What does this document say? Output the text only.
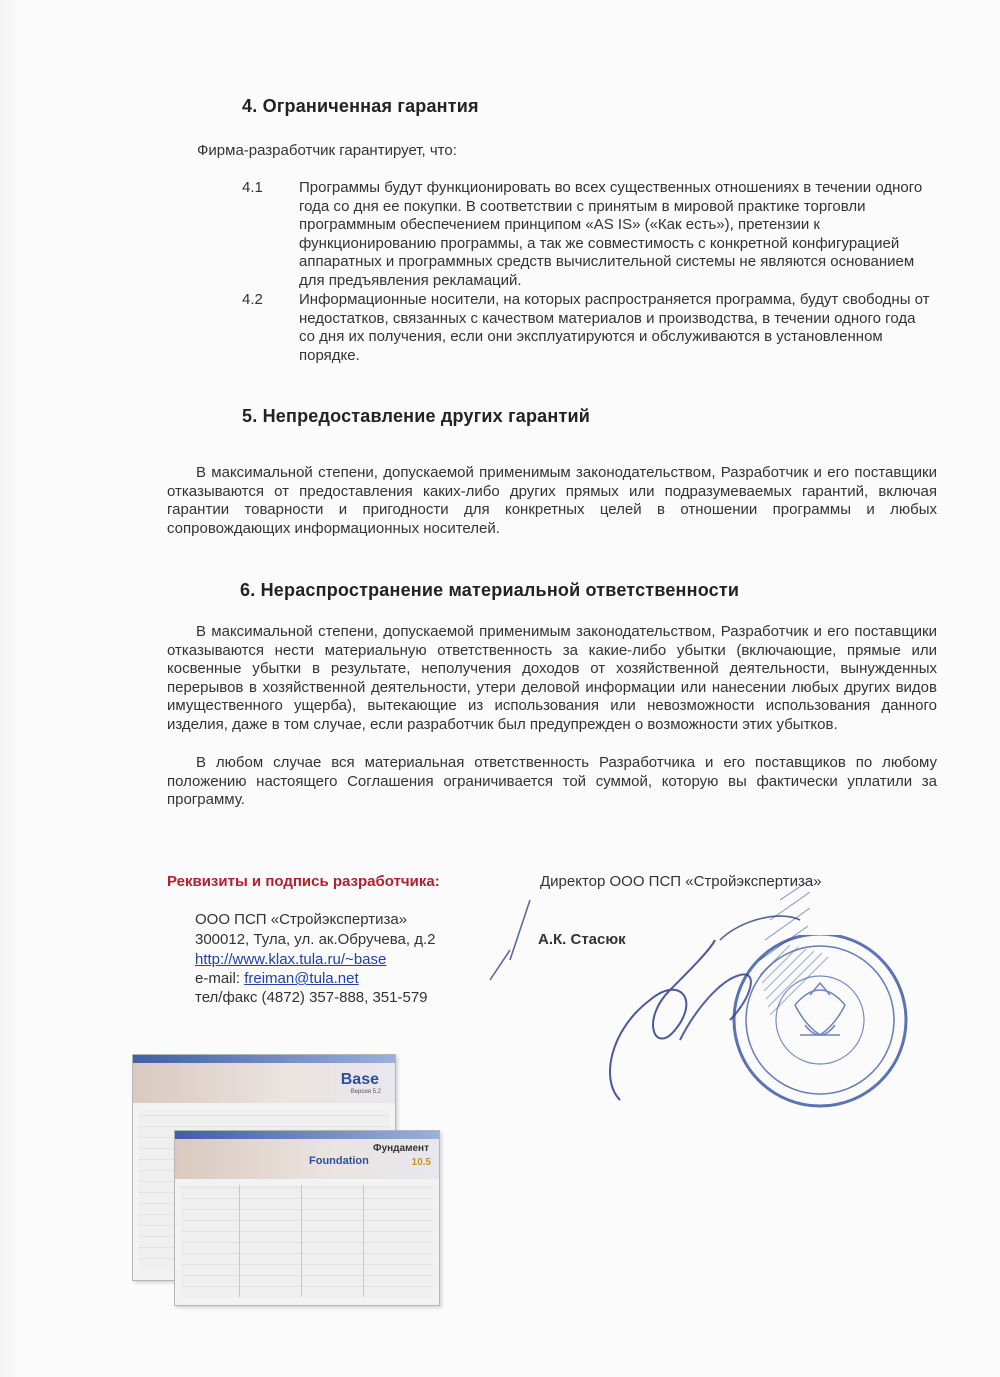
4. Ограниченная гарантия
Фирма-разработчик гарантирует, что:
4.1	Программы будут функционировать во всех существенных отношениях в течении одного года со дня ее покупки. В соответствии с принятым в мировой практике торговли программным обеспечением принципом «AS IS» («Как есть»), претензии к функционированию программы, а так же совместимость с конкретной конфигурацией аппаратных и программных средств вычислительной системы не являются основанием для предъявления рекламаций.
4.2	Информационные носители, на которых распространяется программа, будут свободны от недостатков, связанных с качеством материалов и производства, в течении одного года со дня их получения, если они эксплуатируются и обслуживаются в установленном порядке.
5. Непредоставление других гарантий
В максимальной степени, допускаемой применимым законодательством, Разработчик и его поставщики отказываются от предоставления каких-либо других прямых или подразумеваемых гарантий, включая гарантии товарности и пригодности для конкретных целей в отношении программы и любых сопровождающих информационных носителей.
6. Нераспространение материальной ответственности
В максимальной степени, допускаемой применимым законодательством, Разработчик и его поставщики отказываются нести материальную ответственность за какие-либо убытки (включающие, прямые или косвенные убытки в результате, неполучения доходов от хозяйственной деятельности, вынужденных перерывов в хозяйственной деятельности, утери деловой информации или нанесении любых других видов имущественного ущерба), вытекающие из использования или невозможности использования данного изделия, даже в том случае, если разработчик был предупрежден о возможности этих убытков.
В любом случае вся материальная ответственность Разработчика и его поставщиков по любому положению настоящего Соглашения ограничивается той суммой, которую вы фактически уплатили за программу.
Реквизиты и подпись разработчика:
ООО ПСП «Стройэкспертиза»
300012, Тула, ул. ак.Обручева, д.2
http://www.klax.tula.ru/~base
e-mail: freiman@tula.net
тел/факс (4872) 357-888, 351-579
Директор ООО ПСП «Стройэкспертиза»
А.К. Стасюк
Base
Версия 5.2
Foundation
Фундамент
10.5
